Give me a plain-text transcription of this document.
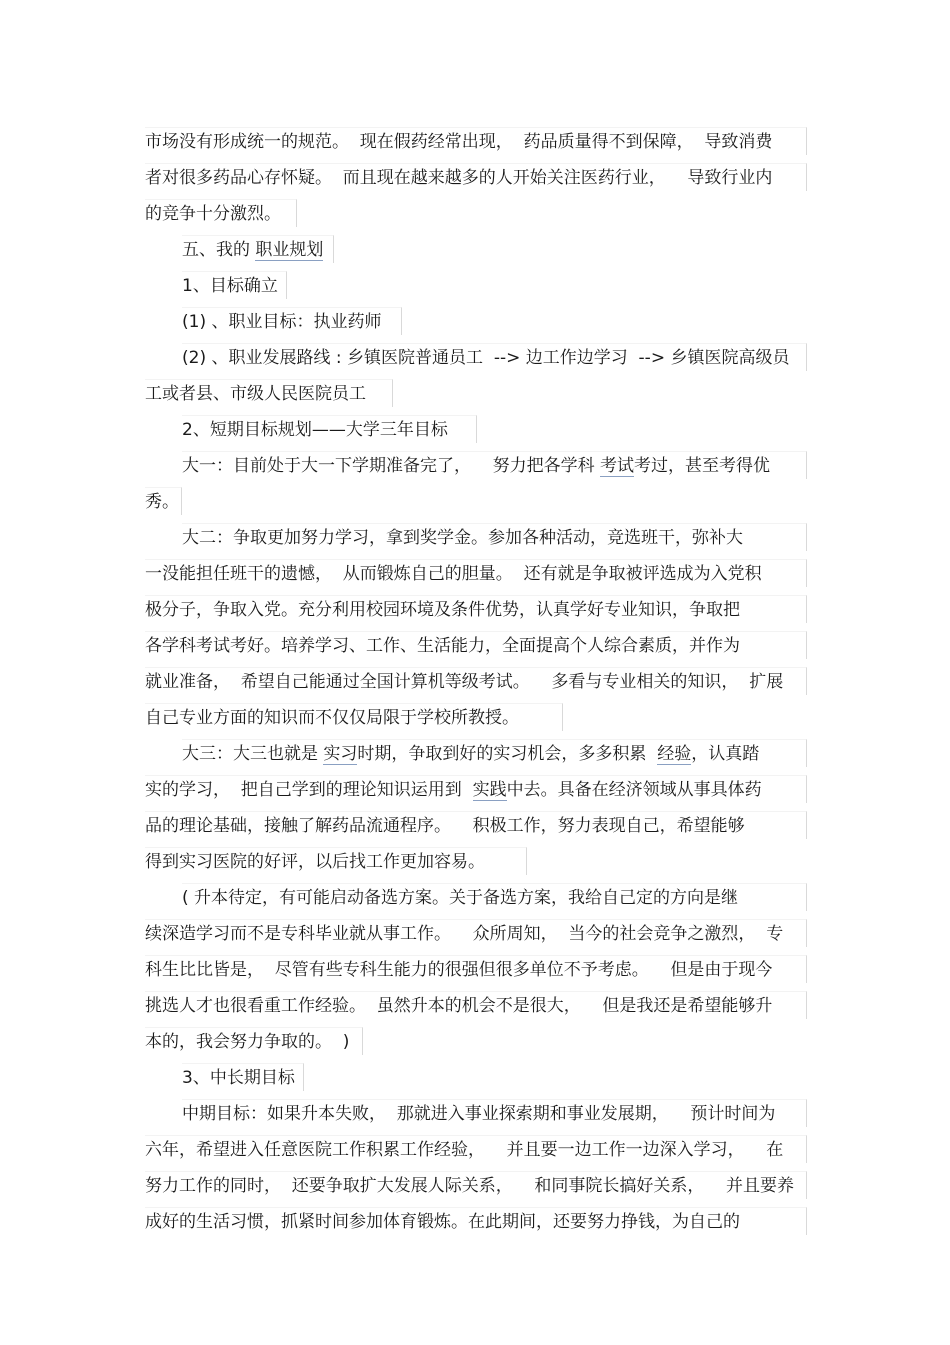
市场没有形成统一的规范。  现在假药经常出现，  药品质量得不到保障，  导致消费
者对很多药品心存怀疑。  而且现在越来越多的人开始关注医药行业，    导致行业内
的竞争十分激烈。
五、我的 职业规划
1、目标确立
(1) 、职业目标：执业药师
(2) 、职业发展路线 : 乡镇医院普通员工  --> 边工作边学习  --> 乡镇医院高级员
工或者县、市级人民医院员工
2、短期目标规划——大学三年目标
大一：目前处于大一下学期准备完了，    努力把各学科 考试考过，甚至考得优
秀。
大二：争取更加努力学习，拿到奖学金。参加各种活动，竞选班干，弥补大
一没能担任班干的遗憾，  从而锻炼自己的胆量。  还有就是争取被评选成为入党积
极分子，争取入党。充分利用校园环境及条件优势，认真学好专业知识，争取把
各学科考试考好。培养学习、工作、生活能力，全面提高个人综合素质，并作为
就业准备，  希望自己能通过全国计算机等级考试。    多看与专业相关的知识，  扩展
自己专业方面的知识而不仅仅局限于学校所教授。
大三：大三也就是 实习时期，争取到好的实习机会，多多积累  经验，认真踏
实的学习，  把自己学到的理论知识运用到  实践中去。具备在经济领域从事具体药
品的理论基础，接触了解药品流通程序。    积极工作，努力表现自己，希望能够
得到实习医院的好评，以后找工作更加容易。
( 升本待定，有可能启动备选方案。关于备选方案，我给自己定的方向是继
续深造学习而不是专科毕业就从事工作。    众所周知，  当今的社会竞争之激烈，  专
科生比比皆是，  尽管有些专科生能力的很强但很多单位不予考虑。    但是由于现今
挑选人才也很看重工作经验。  虽然升本的机会不是很大，    但是我还是希望能够升
本的，我会努力争取的。  )
3、中长期目标
中期目标：如果升本失败，  那就进入事业探索期和事业发展期，    预计时间为
六年，希望进入任意医院工作积累工作经验，    并且要一边工作一边深入学习，    在
努力工作的同时，  还要争取扩大发展人际关系，    和同事院长搞好关系，    并且要养
成好的生活习惯，抓紧时间参加体育锻炼。在此期间，还要努力挣钱，为自己的
